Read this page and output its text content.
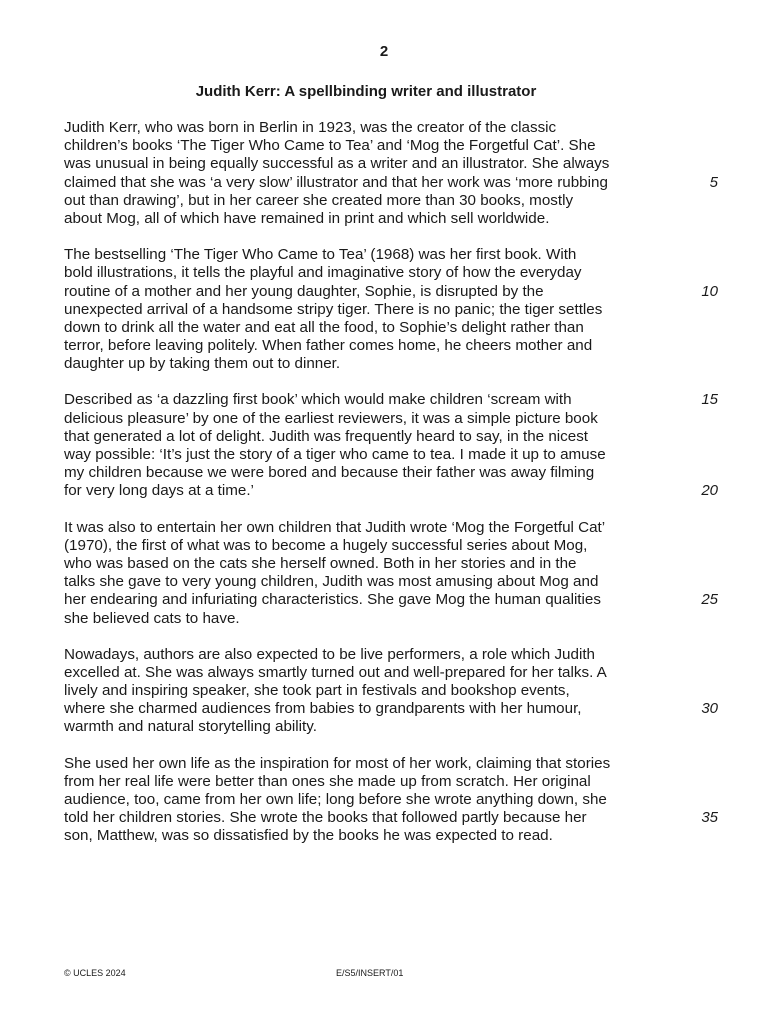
2
Judith Kerr: A spellbinding writer and illustrator
Judith Kerr, who was born in Berlin in 1923, was the creator of the classic
children’s books ‘The Tiger Who Came to Tea’ and ‘Mog the Forgetful Cat’. She
was unusual in being equally successful as a writer and an illustrator. She always
claimed that she was ‘a very slow’ illustrator and that her work was ‘more rubbing	5
out than drawing’, but in her career she created more than 30 books, mostly
about Mog, all of which have remained in print and which sell worldwide.
The bestselling ‘The Tiger Who Came to Tea’ (1968) was her first book. With
bold illustrations, it tells the playful and imaginative story of how the everyday
routine of a mother and her young daughter, Sophie, is disrupted by the	10
unexpected arrival of a handsome stripy tiger. There is no panic; the tiger settles
down to drink all the water and eat all the food, to Sophie’s delight rather than
terror, before leaving politely. When father comes home, he cheers mother and
daughter up by taking them out to dinner.
Described as ‘a dazzling first book’ which would make children ‘scream with	15
delicious pleasure’ by one of the earliest reviewers, it was a simple picture book
that generated a lot of delight. Judith was frequently heard to say, in the nicest
way possible: ‘It’s just the story of a tiger who came to tea. I made it up to amuse
my children because we were bored and because their father was away filming
for very long days at a time.’	20
It was also to entertain her own children that Judith wrote ‘Mog the Forgetful Cat’
(1970), the first of what was to become a hugely successful series about Mog,
who was based on the cats she herself owned. Both in her stories and in the
talks she gave to very young children, Judith was most amusing about Mog and
her endearing and infuriating characteristics. She gave Mog the human qualities	25
she believed cats to have.
Nowadays, authors are also expected to be live performers, a role which Judith
excelled at. She was always smartly turned out and well-prepared for her talks. A
lively and inspiring speaker, she took part in festivals and bookshop events,
where she charmed audiences from babies to grandparents with her humour,	30
warmth and natural storytelling ability.
She used her own life as the inspiration for most of her work, claiming that stories
from her real life were better than ones she made up from scratch. Her original
audience, too, came from her own life; long before she wrote anything down, she
told her children stories. She wrote the books that followed partly because her	35
son, Matthew, was so dissatisfied by the books he was expected to read.
© UCLES 2024	E/S5/INSERT/01
